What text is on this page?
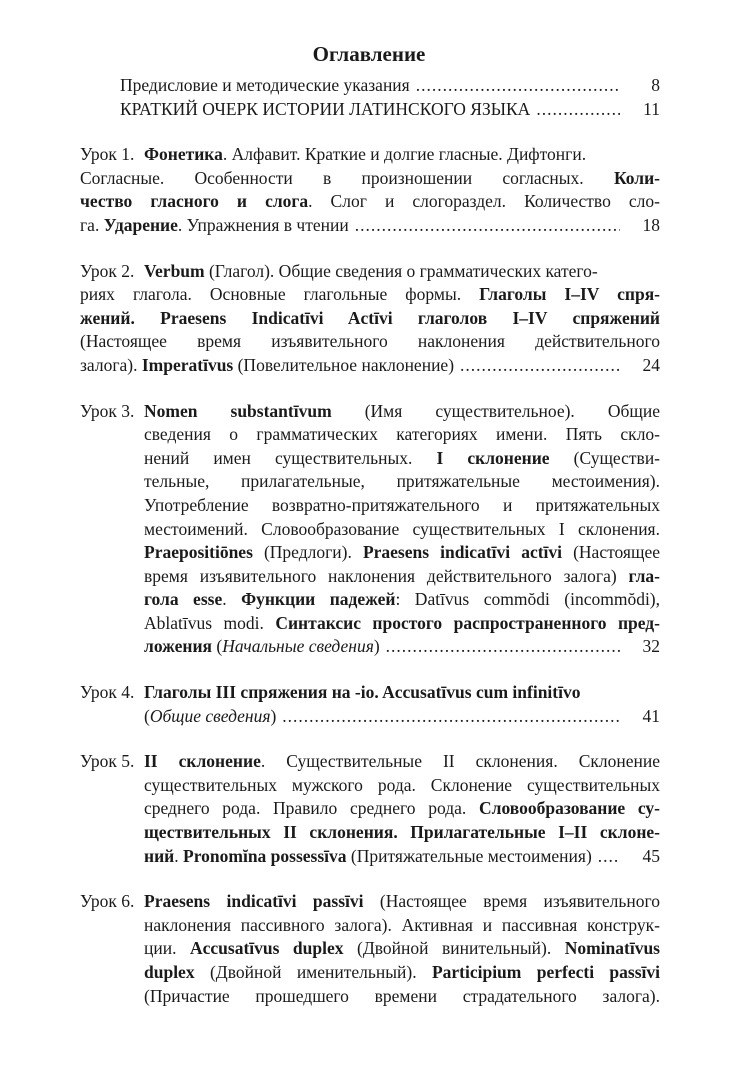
Оглавление
Предисловие и методические указания .....	8
КРАТКИЙ ОЧЕРК ИСТОРИИ ЛАТИНСКОГО ЯЗЫКА .....	11
Урок 1. Фонетика. Алфавит. Краткие и долгие гласные. Дифтонги.
Согласные. Особенности в произношении согласных. Коли-
чество гласного и слога. Слог и слогораздел. Количество сло-
га. Ударение. Упражнения в чтении .....	18
Урок 2. Verbum (Глагол). Общие сведения о грамматических катего-
риях глагола. Основные глагольные формы. Глаголы I–IV спря-
жений. Praesens Indicatīvi Actīvi глаголов I–IV спряжений
(Настоящее время изъявительного наклонения действительного
залога). Imperatīvus (Повелительное наклонение) .....	24
Урок 3. Nomen substantīvum (Имя существительное). Общие
сведения о грамматических категориях имени. Пять скло-
нений имен существительных. I склонение (Существи-
тельные, прилагательные, притяжательные местоимения).
Употребление возвратно-притяжательного и притяжательных
местоимений. Словообразование существительных I склонения.
Praepositiōnes (Предлоги). Praesens indicatīvi actīvi (Настоящее
время изъявительного наклонения действительного залога) гла-
гола esse. Функции падежей: Datīvus commŏdi (incommŏdi),
Ablatīvus modi. Синтаксис простого распространенного пред-
ложения (Начальные сведения) .....	32
Урок 4. Глаголы III спряжения на -io. Accusatīvus cum infinitīvo
(Общие сведения) .....	41
Урок 5. II склонение. Существительные II склонения. Склонение
существительных мужского рода. Склонение существительных
среднего рода. Правило среднего рода. Словообразование су-
ществительных II склонения. Прилагательные I–II склоне-
ний. Pronomĭna possessīva (Притяжательные местоимения) .....	45
Урок 6. Praesens indicatīvi passīvi (Настоящее время изъявительного
наклонения пассивного залога). Активная и пассивная конструк-
ции. Accusatīvus duplex (Двойной винительный). Nominatīvus
duplex (Двойной именительный). Participium perfecti passīvi
(Причастие прошедшего времени страдательного залога).
